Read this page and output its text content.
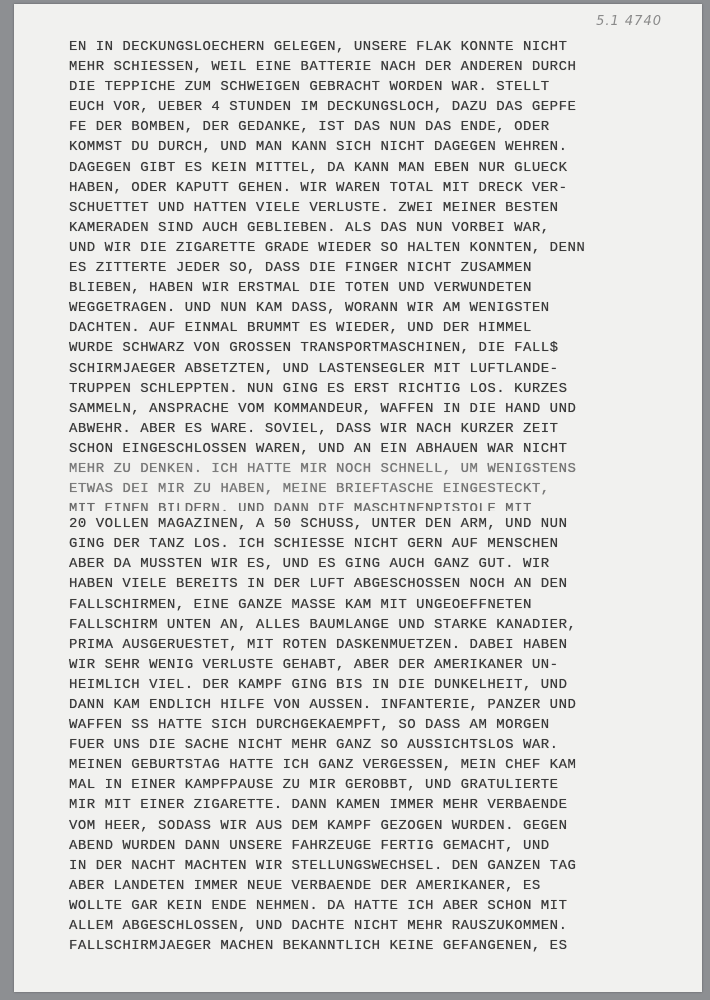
5.1 4740
EN IN DECKUNGSLOECHERN GELEGEN, UNSERE FLAK KONNTE NICHT
MEHR SCHIESSEN, WEIL EINE BATTERIE NACH DER ANDEREN DURCH
DIE TEPPICHE ZUM SCHWEIGEN GEBRACHT WORDEN WAR. STELLT
EUCH VOR, UEBER 4 STUNDEN IM DECKUNGSLOCH, DAZU DAS GEPFE
FE DER BOMBEN, DER GEDANKE, IST DAS NUN DAS ENDE, ODER
KOMMST DU DURCH, UND MAN KANN SICH NICHT DAGEGEN WEHREN.
DAGEGEN GIBT ES KEIN MITTEL, DA KANN MAN EBEN NUR GLUECK
HABEN, ODER KAPUTT GEHEN. WIR WAREN TOTAL MIT DRECK VER-
SCHUETTET UND HATTEN VIELE VERLUSTE. ZWEI MEINER BESTEN
KAMERADEN SIND AUCH GEBLIEBEN. ALS DAS NUN VORBEI WAR,
UND WIR DIE ZIGARETTE GRADE WIEDER SO HALTEN KONNTEN, DENN
ES ZITTERTE JEDER SO, DASS DIE FINGER NICHT ZUSAMMEN
BLIEBEN, HABEN WIR ERSTMAL DIE TOTEN UND VERWUNDETEN
WEGGETRAGEN. UND NUN KAM DASS, WORANN WIR AM WENIGSTEN
DACHTEN. AUF EINMAL BRUMMT ES WIEDER, UND DER HIMMEL
WURDE SCHWARZ VON GROSSEN TRANSPORTMASCHINEN, DIE FALL$
SCHIRMJAEGER ABSETZTEN, UND LASTENSEGLER MIT LUFTLANDE-
TRUPPEN SCHLEPPTEN. NUN GING ES ERST RICHTIG LOS. KURZES
SAMMELN, ANSPRACHE VOM KOMMANDEUR, WAFFEN IN DIE HAND UND
ABWEHR. ABER ES WARE. SOVIEL, DASS WIR NACH KURZER ZEIT
SCHON EINGESCHLOSSEN WAREN, UND AN EIN ABHAUEN WAR NICHT
MEHR ZU DENKEN. ICH HATTE MIR NOCH SCHNELL, UM WENIGSTENS
ETWAS DEI MIR ZU HABEN, MEINE BRIEFTASCHE EINGESTECKT,
MIT EINEN BILDERN. UND DANN DIE MASCHINENPISTOLE MIT
20 VOLLEN MAGAZINEN, A 50 SCHUSS, UNTER DEN ARM, UND NUN
GING DER TANZ LOS. ICH SCHIESSE NICHT GERN AUF MENSCHEN
ABER DA MUSSTEN WIR ES, UND ES GING AUCH GANZ GUT. WIR
HABEN VIELE BEREITS IN DER LUFT ABGESCHOSSEN NOCH AN DEN
FALLSCHIRMEN, EINE GANZE MASSE KAM MIT UNGEOEFFNETEN
FALLSCHIRM UNTEN AN, ALLES BAUMLANGE UND STARKE KANADIER,
PRIMA AUSGERUESTET, MIT ROTEN DASKENMUETZEN. DABEI HABEN
WIR SEHR WENIG VERLUSTE GEHABT, ABER DER AMERIKANER UN-
HEIMLICH VIEL. DER KAMPF GING BIS IN DIE DUNKELHEIT, UND
DANN KAM ENDLICH HILFE VON AUSSEN. INFANTERIE, PANZER UND
WAFFEN SS HATTE SICH DURCHGEKAEMPFT, SO DASS AM MORGEN
FUER UNS DIE SACHE NICHT MEHR GANZ SO AUSSICHTSLOS WAR.
MEINEN GEBURTSTAG HATTE ICH GANZ VERGESSEN, MEIN CHEF KAM
MAL IN EINER KAMPFPAUSE ZU MIR GEROBBT, UND GRATULIERTE
MIR MIT EINER ZIGARETTE. DANN KAMEN IMMER MEHR VERBAENDE
VOM HEER, SODASS WIR AUS DEM KAMPF GEZOGEN WURDEN. GEGEN
ABEND WURDEN DANN UNSERE FAHRZEUGE FERTIG GEMACHT, UND
IN DER NACHT MACHTEN WIR STELLUNGSWECHSEL. DEN GANZEN TAG
ABER LANDETEN IMMER NEUE VERBAENDE DER AMERIKANER, ES
WOLLTE GAR KEIN ENDE NEHMEN. DA HATTE ICH ABER SCHON MIT
ALLEM ABGESCHLOSSEN, UND DACHTE NICHT MEHR RAUSZUKOMMEN.
FALLSCHIRMJAEGER MACHEN BEKANNTLICH KEINE GEFANGENEN, ES
